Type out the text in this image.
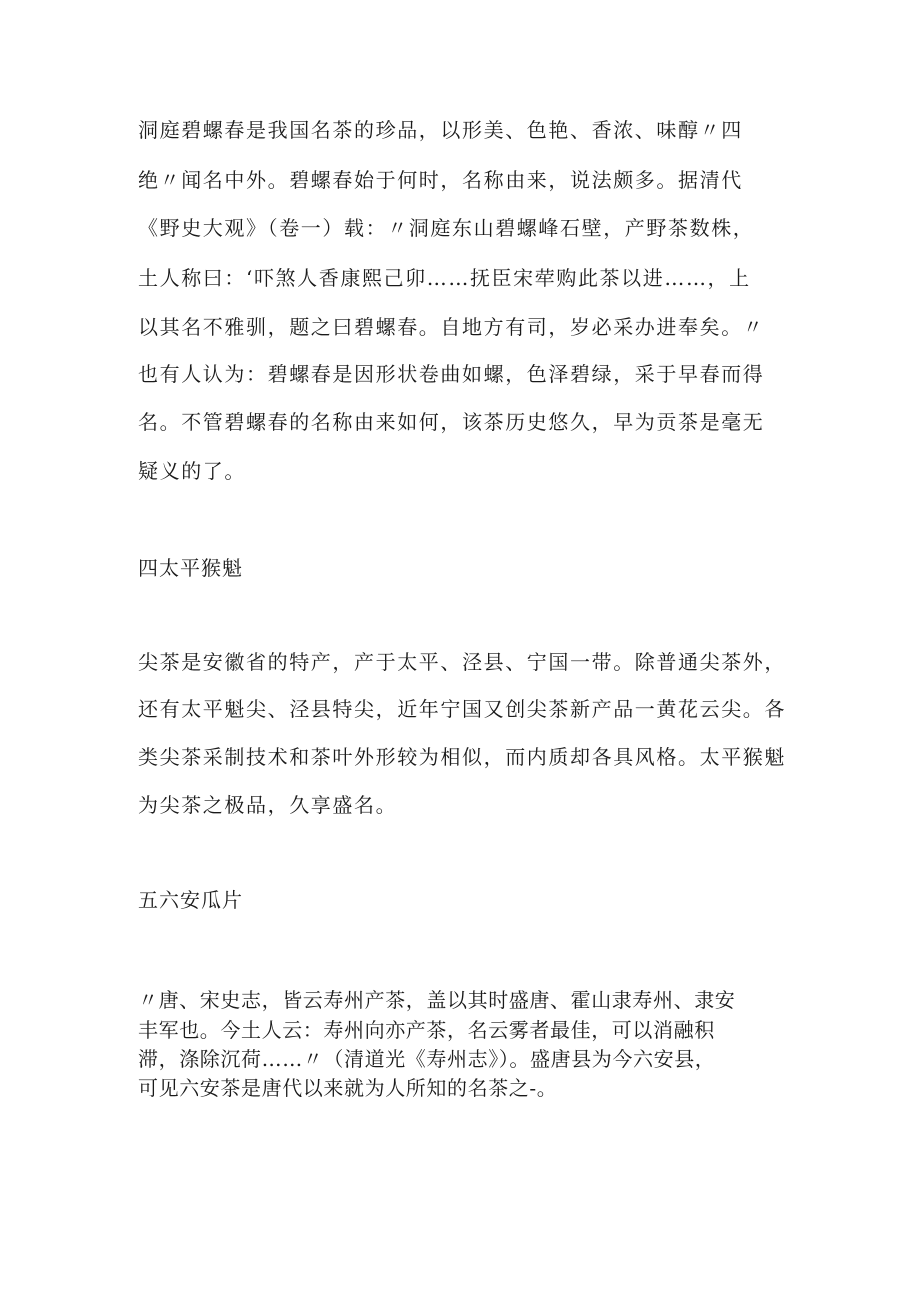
洞庭碧螺春是我国名茶的珍品，以形美、色艳、香浓、味醇〃四
绝〃闻名中外。碧螺春始于何时，名称由来，说法颇多。据清代
《野史大观》（卷一）载：〃洞庭东山碧螺峰石壁，产野茶数株，
土人称曰：‘吓煞人香康熙己卯……抚臣宋荦购此茶以进……，上
以其名不雅驯，题之曰碧螺春。自地方有司，岁必采办进奉矣。〃
也有人认为：碧螺春是因形状卷曲如螺，色泽碧绿，采于早春而得
名。不管碧螺春的名称由来如何，该茶历史悠久，早为贡茶是毫无
疑义的了。
四太平猴魁
尖茶是安徽省的特产，产于太平、泾县、宁国一带。除普通尖茶外，
还有太平魁尖、泾县特尖，近年宁国又创尖茶新产品一黄花云尖。各
类尖茶采制技术和茶叶外形较为相似，而内质却各具风格。太平猴魁
为尖茶之极品，久享盛名。
五六安瓜片
〃唐、宋史志，皆云寿州产茶，盖以其时盛唐、霍山隶寿州、隶安
丰军也。今土人云：寿州向亦产茶，名云雾者最佳，可以消融积
滞，涤除沉荷……〃（清道光《寿州志》）。盛唐县为今六安县，
可见六安茶是唐代以来就为人所知的名茶之-。
